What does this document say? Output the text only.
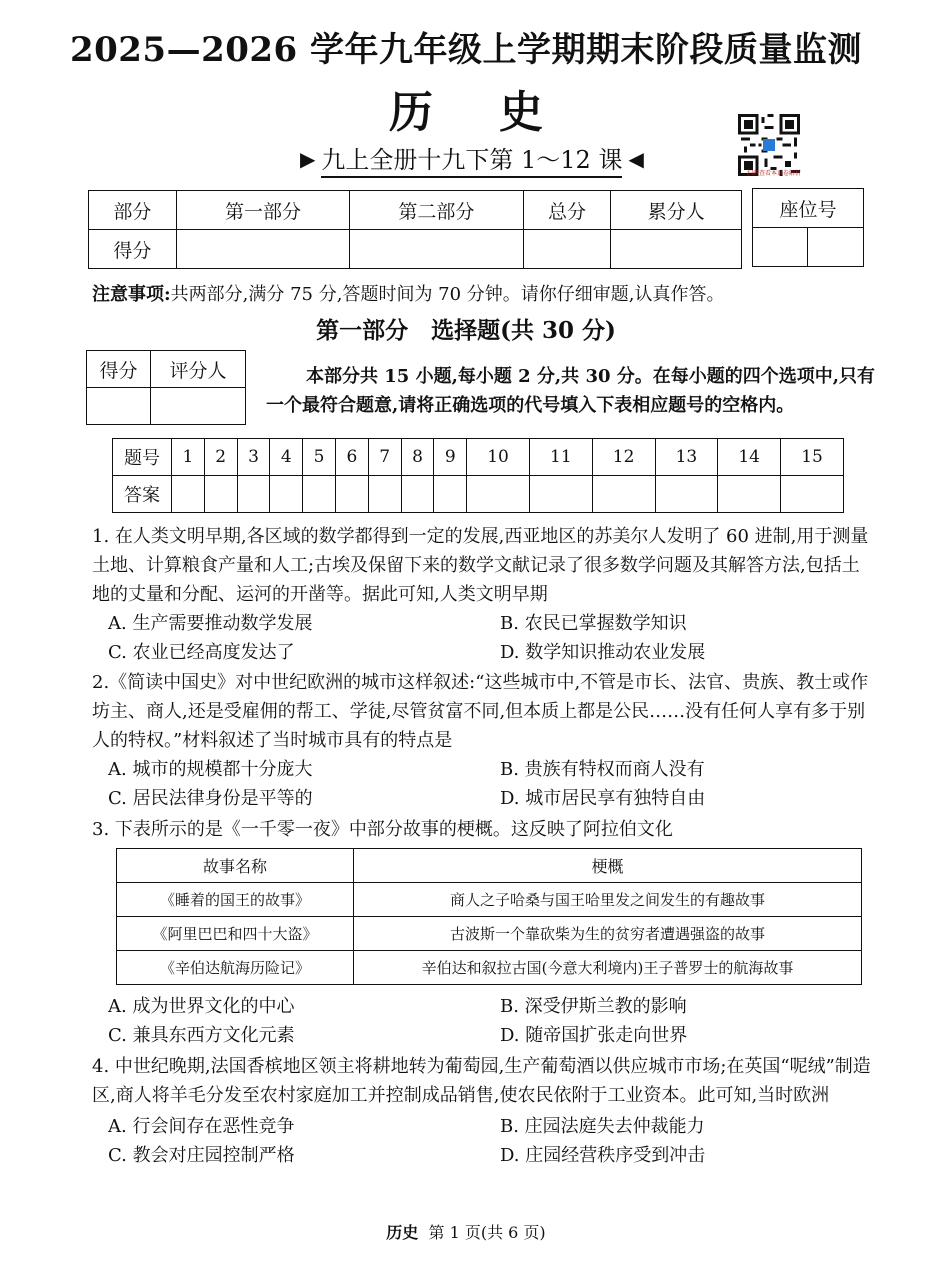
2025—2026 学年九年级上学期期末阶段质量监测
历史
▶ 九上全册十九下第 1～12 课 ◀
扫码查看本试卷解析
部分	第一部分	第二部分	总分	累分人
得分				
座位号

注意事项:共两部分,满分 75 分,答题时间为 70 分钟。请你仔细审题,认真作答。
第一部分　选择题(共 30 分)
得分	评分人
		本部分共 15 小题,每小题 2 分,共 30 分。在每小题的四个选项中,只有一个最符合题意,请将正确选项的代号填入下表相应题号的空格内。
题号	1	2	3	4	5	6	7	8	9	10	11	12	13	14	15
答案															
1. 在人类文明早期,各区域的数学都得到一定的发展,西亚地区的苏美尔人发明了 60 进制,用于测量土地、计算粮食产量和人工;古埃及保留下来的数学文献记录了很多数学问题及其解答方法,包括土地的丈量和分配、运河的开凿等。据此可知,人类文明早期
A. 生产需要推动数学发展	B. 农民已掌握数学知识
C. 农业已经高度发达了	D. 数学知识推动农业发展
2.《简读中国史》对中世纪欧洲的城市这样叙述:“这些城市中,不管是市长、法官、贵族、教士或作坊主、商人,还是受雇佣的帮工、学徒,尽管贫富不同,但本质上都是公民……没有任何人享有多于别人的特权。”材料叙述了当时城市具有的特点是
A. 城市的规模都十分庞大	B. 贵族有特权而商人没有
C. 居民法律身份是平等的	D. 城市居民享有独特自由
3. 下表所示的是《一千零一夜》中部分故事的梗概。这反映了阿拉伯文化
故事名称	梗概
《睡着的国王的故事》	商人之子哈桑与国王哈里发之间发生的有趣故事
《阿里巴巴和四十大盗》	古波斯一个靠砍柴为生的贫穷者遭遇强盗的故事
《辛伯达航海历险记》	辛伯达和叙拉古国(今意大利境内)王子普罗士的航海故事
A. 成为世界文化的中心	B. 深受伊斯兰教的影响
C. 兼具东西方文化元素	D. 随帝国扩张走向世界
4. 中世纪晚期,法国香槟地区领主将耕地转为葡萄园,生产葡萄酒以供应城市市场;在英国“呢绒”制造区,商人将羊毛分发至农村家庭加工并控制成品销售,使农民依附于工业资本。此可知,当时欧洲
A. 行会间存在恶性竞争	B. 庄园法庭失去仲裁能力
C. 教会对庄园控制严格	D. 庄园经营秩序受到冲击
历史 第 1 页(共 6 页)
